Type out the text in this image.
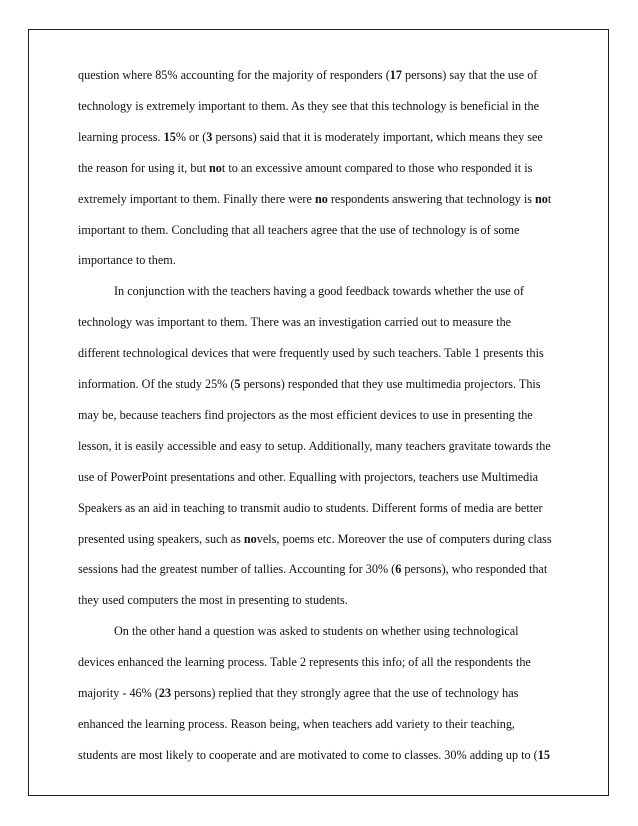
question where 85% accounting for the majority of responders (17 persons) say that the use of
technology is extremely important to them. As they see that this technology is beneficial in the
learning process. 15% or (3 persons) said that it is moderately important, which means they see
the reason for using it, but not to an excessive amount compared to those who responded it is
extremely important to them. Finally there were no respondents answering that technology is not
important to them. Concluding that all teachers agree that the use of technology is of some
importance to them.
In conjunction with the teachers having a good feedback towards whether the use of
technology was important to them. There was an investigation carried out to measure the
different technological devices that were frequently used by such teachers. Table 1 presents this
information. Of the study 25% (5 persons) responded that they use multimedia projectors. This
may be, because teachers find projectors as the most efficient devices to use in presenting the
lesson, it is easily accessible and easy to setup. Additionally, many teachers gravitate towards the
use of PowerPoint presentations and other. Equalling with projectors, teachers use Multimedia
Speakers as an aid in teaching to transmit audio to students. Different forms of media are better
presented using speakers, such as novels, poems etc. Moreover the use of computers during class
sessions had the greatest number of tallies. Accounting for 30% (6 persons), who responded that
they used computers the most in presenting to students.
On the other hand a question was asked to students on whether using technological
devices enhanced the learning process. Table 2 represents this info; of all the respondents the
majority - 46% (23 persons) replied that they strongly agree that the use of technology has
enhanced the learning process. Reason being, when teachers add variety to their teaching,
students are most likely to cooperate and are motivated to come to classes. 30% adding up to (15
